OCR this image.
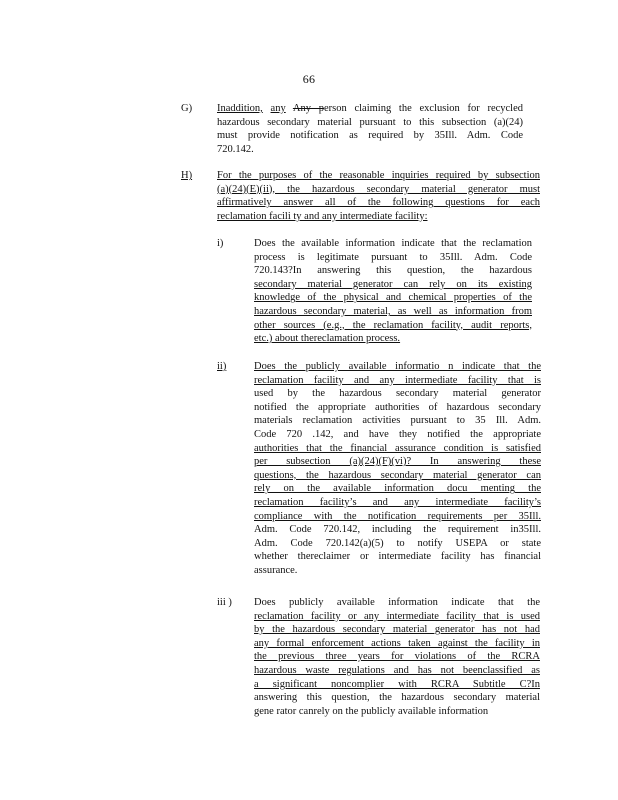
66
G) Inaddition, any Any person claiming the exclusion for recycled
hazardous secondary material pursuant to this subsection (a)(24)
must provide notification as required by 35Ill. Adm. Code
720.142.
H) For the purposes of the reasonable inquiries required by subsection
(a)(24)(E)(ii), the hazardous secondary material generator must
affirmatively answer all of the following questions for each
reclamation facili ty and any intermediate facility:
i)	Does the available information indicate that the reclamation
process is legitimate pursuant to 35Ill. Adm. Code
720.143?In answering this question, the hazardous
secondary material generator can rely on its existing
knowledge of the physical and chemical properties of the
hazardous secondary material, as well as information from
other sources (e.g., the reclamation facility, audit reports,
etc.) about thereclamation process.
ii)	Does the publicly available informatio n indicate that the
reclamation facility and any intermediate facility that is
used by the hazardous secondary material generator
notified the appropriate authorities of hazardous secondary
materials reclamation activities pursuant to 35 Ill. Adm.
Code 720 .142, and have they notified the appropriate
authorities that the financial assurance condition is satisfied
per subsection (a)(24)(F)(vi)? In answering these
questions, the hazardous secondary material generator can
rely on the available information docu menting the
reclamation facility’s and any intermediate facility’s
compliance with the notification requirements per 35Ill.
Adm. Code 720.142, including the requirement in35Ill.
Adm. Code 720.142(a)(5) to notify USEPA or state
whether thereclaimer or intermediate facility has financial
assurance.
iii ) Does publicly available information indicate that the
reclamation facility or any intermediate facility that is used
by the hazardous secondary material generator has not had
any formal enforcement actions taken against the facility in
the previous three years for violations of the RCRA
hazardous waste regulations and has not beenclassified as
a significant noncomplier with RCRA Subtitle C?In
answering this question, the hazardous secondary material
gene rator canrely on the publicly available information
